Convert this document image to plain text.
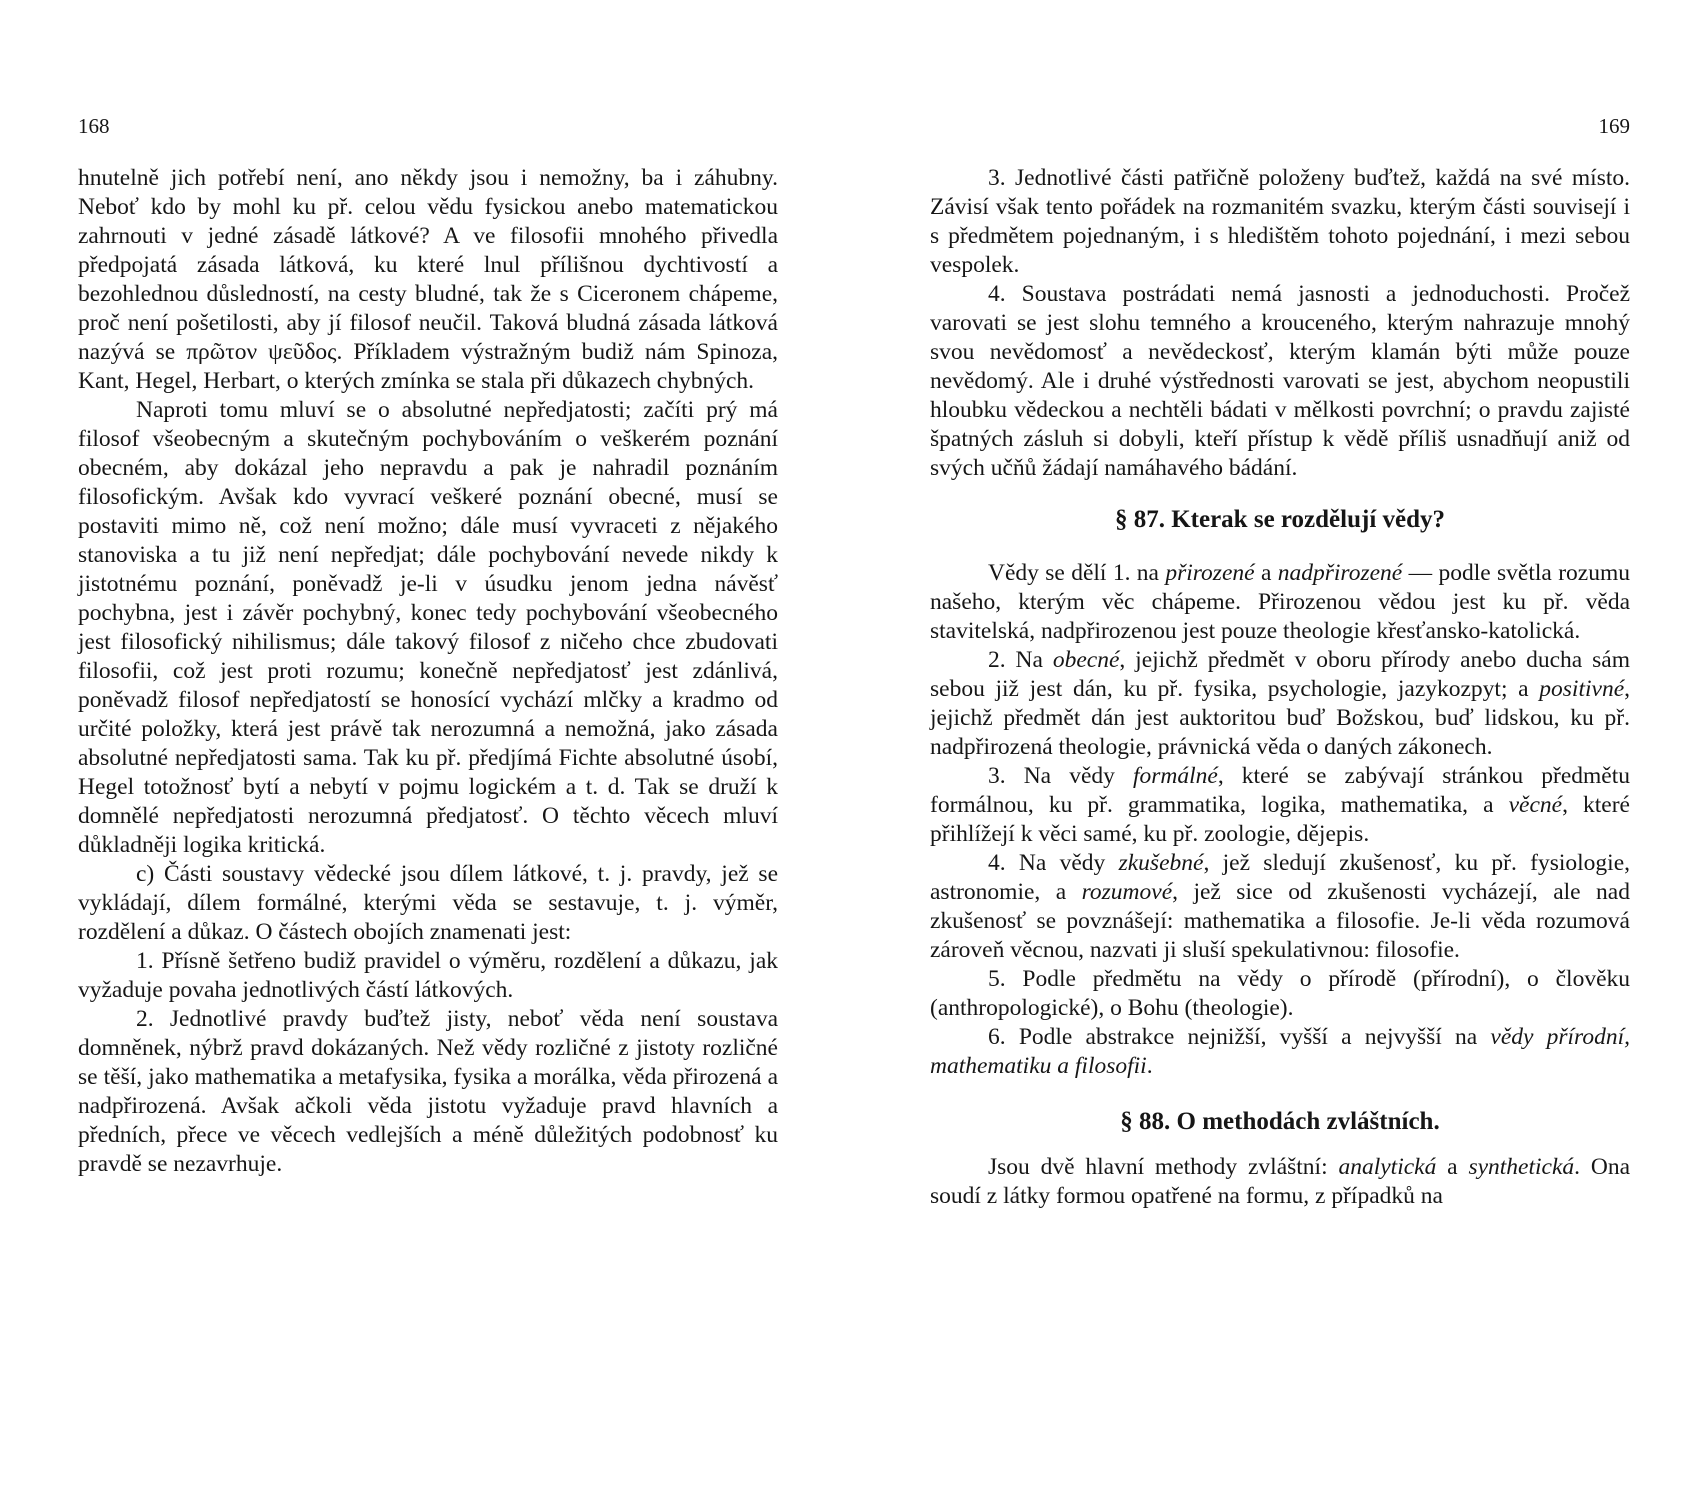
168

hnutelně jich potřebí není, ano někdy jsou i nemožny, ba i záhubny. Neboť kdo by mohl ku př. celou vědu fysickou anebo matematickou zahrnouti v jedné zásadě látkové? A ve filosofii mnohého přivedla předpojatá zásada látková, ku které lnul přílišnou dychtivostí a bezohlednou důsledností, na cesty bludné, tak že s Ciceronem chápeme, proč není pošetilosti, aby jí filosof neučil. Taková bludná zásada látková nazývá se πρῶτον ψεῦδος. Příkladem výstražným budiž nám Spinoza, Kant, Hegel, Herbart, o kterých zmínka se stala při důkazech chybných.

Naproti tomu mluví se o absolutné nepředjatosti; začíti prý má filosof všeobecným a skutečným pochybováním o veškerém poznání obecném, aby dokázal jeho nepravdu a pak je nahradil poznáním filosofickým. Avšak kdo vyvrací veškeré poznání obecné, musí se postaviti mimo ně, což není možno; dále musí vyvraceti z nějakého stanoviska a tu již není nepředjat; dále pochybování nevede nikdy k jistotnému poznání, poněvadž je-li v úsudku jenom jedna návěsť pochybna, jest i závěr pochybný, konec tedy pochybování všeobecného jest filosofický nihilismus; dále takový filosof z ničeho chce zbudovati filosofii, což jest proti rozumu; konečně nepředjatosť jest zdánlivá, poněvadž filosof nepředjatostí se honosící vychází mlčky a kradmo od určité položky, která jest právě tak nerozumná a nemožná, jako zásada absolutné nepředjatosti sama. Tak ku př. předjímá Fichte absolutné úsobí, Hegel totožnosť bytí a nebytí v pojmu logickém a t. d. Tak se druží k domnělé nepředjatosti nerozumná předjatosť. O těchto věcech mluví důkladněji logika kritická.

c) Části soustavy vědecké jsou dílem látkové, t. j. pravdy, jež se vykládají, dílem formálné, kterými věda se sestavuje, t. j. výměr, rozdělení a důkaz. O částech obojích znamenati jest:

1. Přísně šetřeno budiž pravidel o výměru, rozdělení a důkazu, jak vyžaduje povaha jednotlivých částí látkových.

2. Jednotlivé pravdy buďtež jisty, neboť věda není soustava domněnek, nýbrž pravd dokázaných. Než vědy rozličné z jistoty rozličné se těší, jako mathematika a metafysika, fysika a morálka, věda přirozená a nadpřirozená. Avšak ačkoli věda jistotu vyžaduje pravd hlavních a předních, přece ve věcech vedlejších a méně důležitých podobnosť ku pravdě se nezavrhuje.

169

3. Jednotlivé části patřičně položeny buďtež, každá na své místo. Závisí však tento pořádek na rozmanitém svazku, kterým části souvisejí i s předmětem pojednaným, i s hledištěm tohoto pojednání, i mezi sebou vespolek.

4. Soustava postrádati nemá jasnosti a jednoduchosti. Pročež varovati se jest slohu temného a krouceného, kterým nahrazuje mnohý svou nevědomosť a nevědeckosť, kterým klamán býti může pouze nevědomý. Ale i druhé výstřednosti varovati se jest, abychom neopustili hloubku vědeckou a nechtěli bádati v mělkosti povrchní; o pravdu zajisté špatných zásluh si dobyli, kteří přístup k vědě příliš usnadňují aniž od svých učňů žádají namáhavého bádání.

§ 87. Kterak se rozdělují vědy?

Vědy se dělí 1. na přirozené a nadpřirozené — podle světla rozumu našeho, kterým věc chápeme. Přirozenou vědou jest ku př. věda stavitelská, nadpřirozenou jest pouze theologie křesťansko-katolická.

2. Na obecné, jejichž předmět v oboru přírody anebo ducha sám sebou již jest dán, ku př. fysika, psychologie, jazykozpyt; a positivné, jejichž předmět dán jest auktoritou buď Božskou, buď lidskou, ku př. nadpřirozená theologie, právnická věda o daných zákonech.

3. Na vědy formálné, které se zabývají stránkou předmětu formálnou, ku př. grammatika, logika, mathematika, a věcné, které přihlížejí k věci samé, ku př. zoologie, dějepis.

4. Na vědy zkušebné, jež sledují zkušenosť, ku př. fysiologie, astronomie, a rozumové, jež sice od zkušenosti vycházejí, ale nad zkušenosť se povznášejí: mathematika a filosofie. Je-li věda rozumová zároveň věcnou, nazvati ji sluší spekulativnou: filosofie.

5. Podle předmětu na vědy o přírodě (přírodní), o člověku (anthropologické), o Bohu (theologie).

6. Podle abstrakce nejnižší, vyšší a nejvyšší na vědy přírodní, mathematiku a filosofii.

§ 88. O methodách zvláštních.

Jsou dvě hlavní methody zvláštní: analytická a synthetická. Ona soudí z látky formou opatřené na formu, z případků na
